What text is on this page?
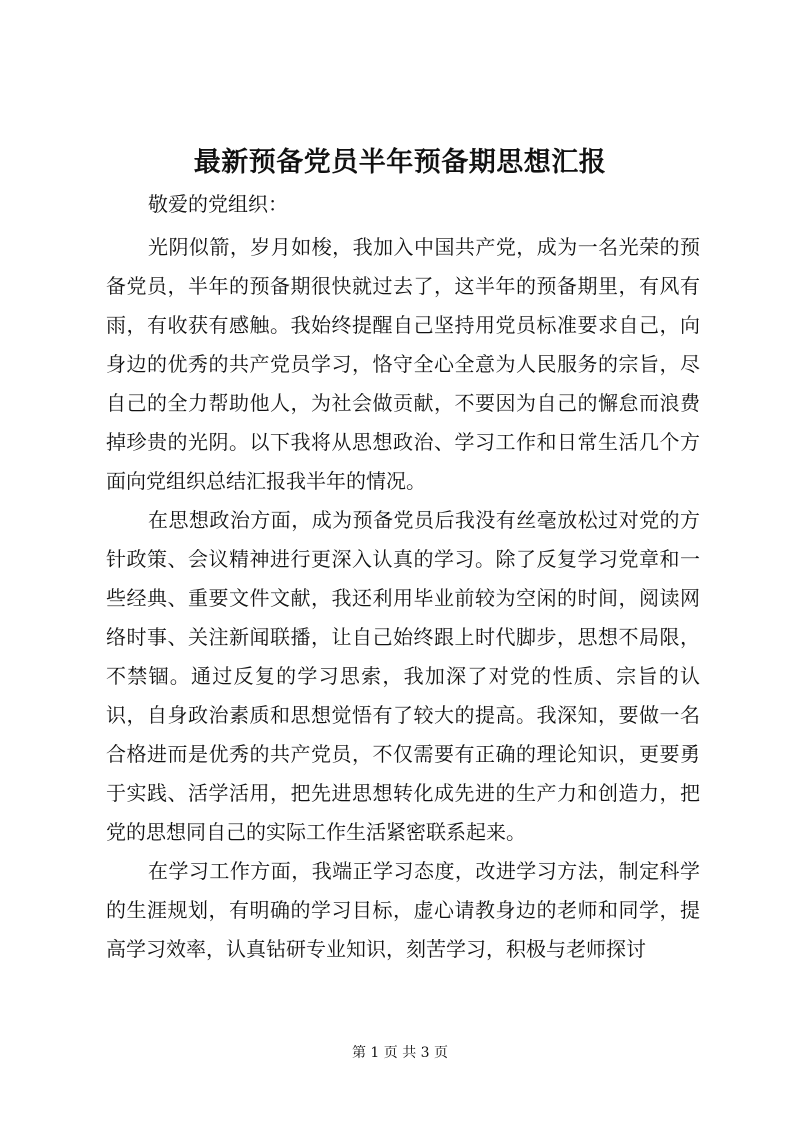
最新预备党员半年预备期思想汇报
敬爱的党组织：

光阴似箭，岁月如梭，我加入中国共产党，成为一名光荣的预备党员，半年的预备期很快就过去了，这半年的预备期里，有风有雨，有收获有感触。我始终提醒自己坚持用党员标准要求自己，向身边的优秀的共产党员学习，恪守全心全意为人民服务的宗旨，尽自己的全力帮助他人，为社会做贡献，不要因为自己的懈怠而浪费掉珍贵的光阴。以下我将从思想政治、学习工作和日常生活几个方面向党组织总结汇报我半年的情况。

在思想政治方面，成为预备党员后我没有丝毫放松过对党的方针政策、会议精神进行更深入认真的学习。除了反复学习党章和一些经典、重要文件文献，我还利用毕业前较为空闲的时间，阅读网络时事、关注新闻联播，让自己始终跟上时代脚步，思想不局限，不禁锢。通过反复的学习思索，我加深了对党的性质、宗旨的认识，自身政治素质和思想觉悟有了较大的提高。我深知，要做一名合格进而是优秀的共产党员，不仅需要有正确的理论知识，更要勇于实践、活学活用，把先进思想转化成先进的生产力和创造力，把党的思想同自己的实际工作生活紧密联系起来。

在学习工作方面，我端正学习态度，改进学习方法，制定科学的生涯规划，有明确的学习目标，虚心请教身边的老师和同学，提高学习效率，认真钻研专业知识，刻苦学习，积极与老师探讨

第 1 页 共 3 页
